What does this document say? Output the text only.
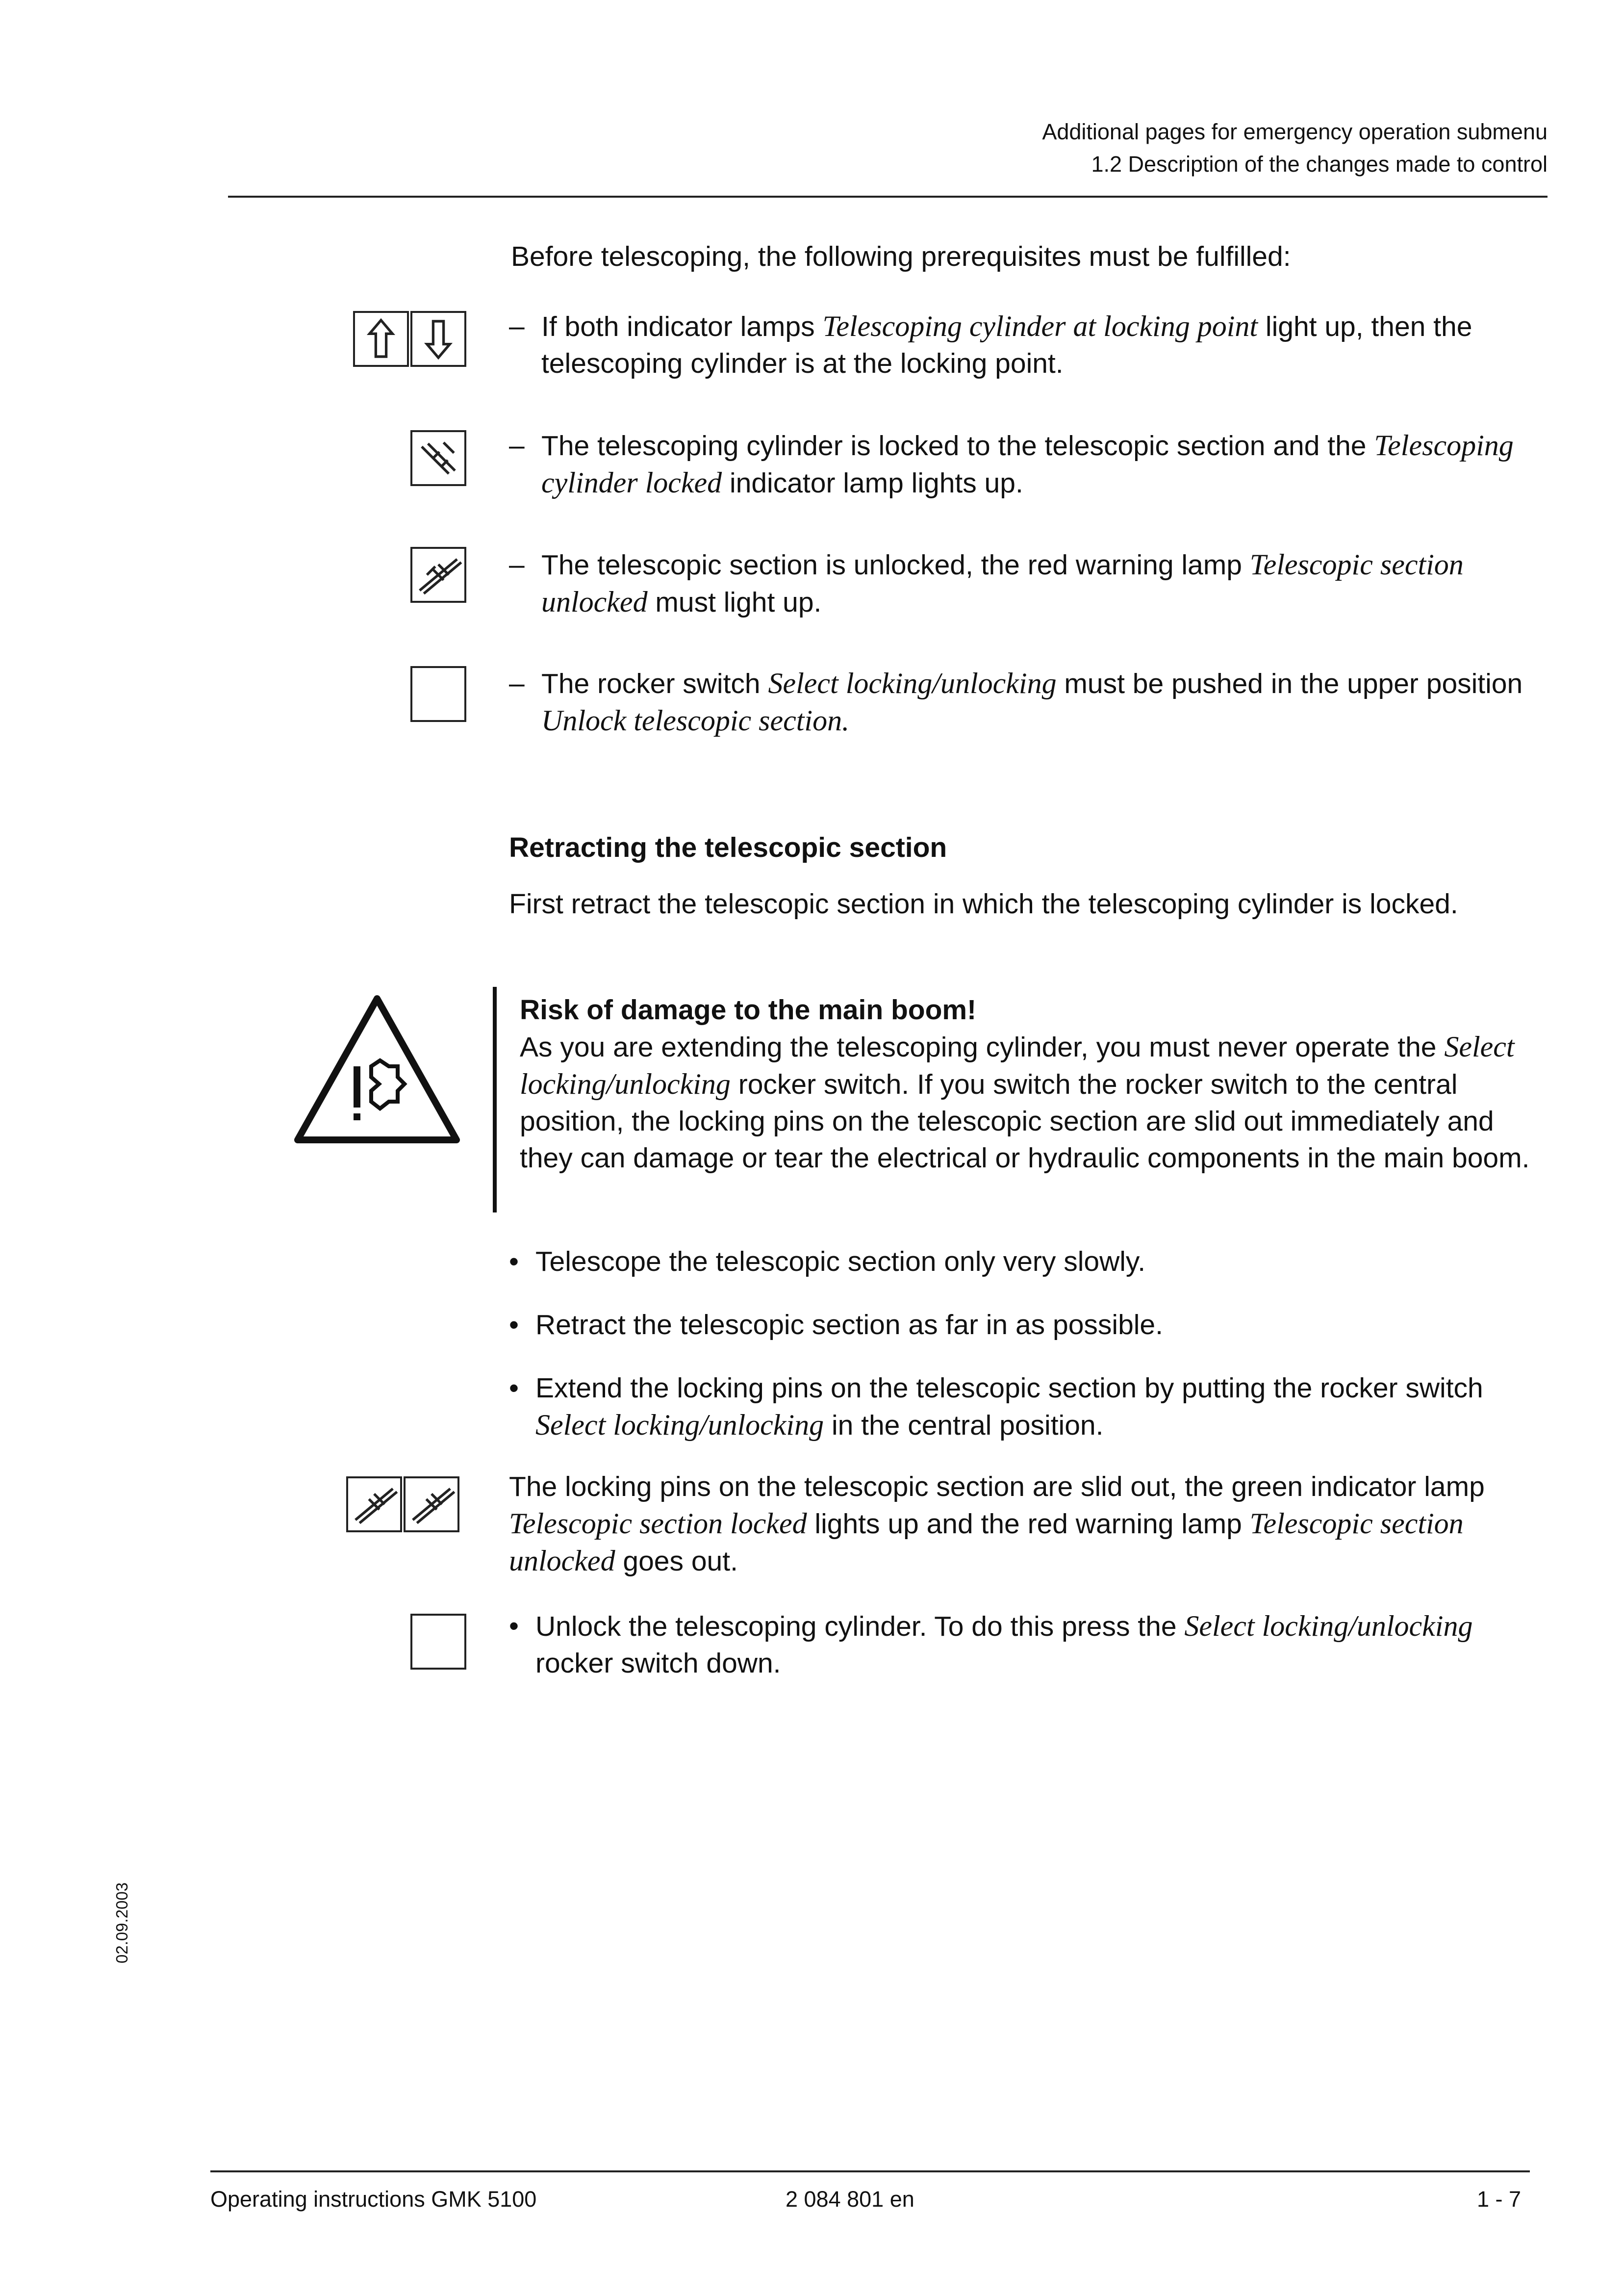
Additional pages for emergency operation submenu
1.2 Description of the changes made to control
Before telescoping, the following prerequisites must be fulfilled:
– If both indicator lamps Telescoping cylinder at locking point light up, then the telescoping cylinder is at the locking point.
– The telescoping cylinder is locked to the telescopic section and the Telescoping cylinder locked indicator lamp lights up.
– The telescopic section is unlocked, the red warning lamp Telescopic section unlocked must light up.
– The rocker switch Select locking/unlocking must be pushed in the upper position Unlock telescopic section.
Retracting the telescopic section
First retract the telescopic section in which the telescoping cylinder is locked.
Risk of damage to the main boom!
As you are extending the telescoping cylinder, you must never operate the Select locking/unlocking rocker switch. If you switch the rocker switch to the central position, the locking pins on the telescopic section are slid out immediately and they can damage or tear the electrical or hydraulic components in the main boom.
• Telescope the telescopic section only very slowly.
• Retract the telescopic section as far in as possible.
• Extend the locking pins on the telescopic section by putting the rocker switch Select locking/unlocking in the central position.
The locking pins on the telescopic section are slid out, the green indicator lamp Telescopic section locked lights up and the red warning lamp Telescopic section unlocked goes out.
• Unlock the telescoping cylinder. To do this press the Select locking/unlocking rocker switch down.
02.09.2003
Operating instructions GMK 5100	2 084 801 en	1 - 7
